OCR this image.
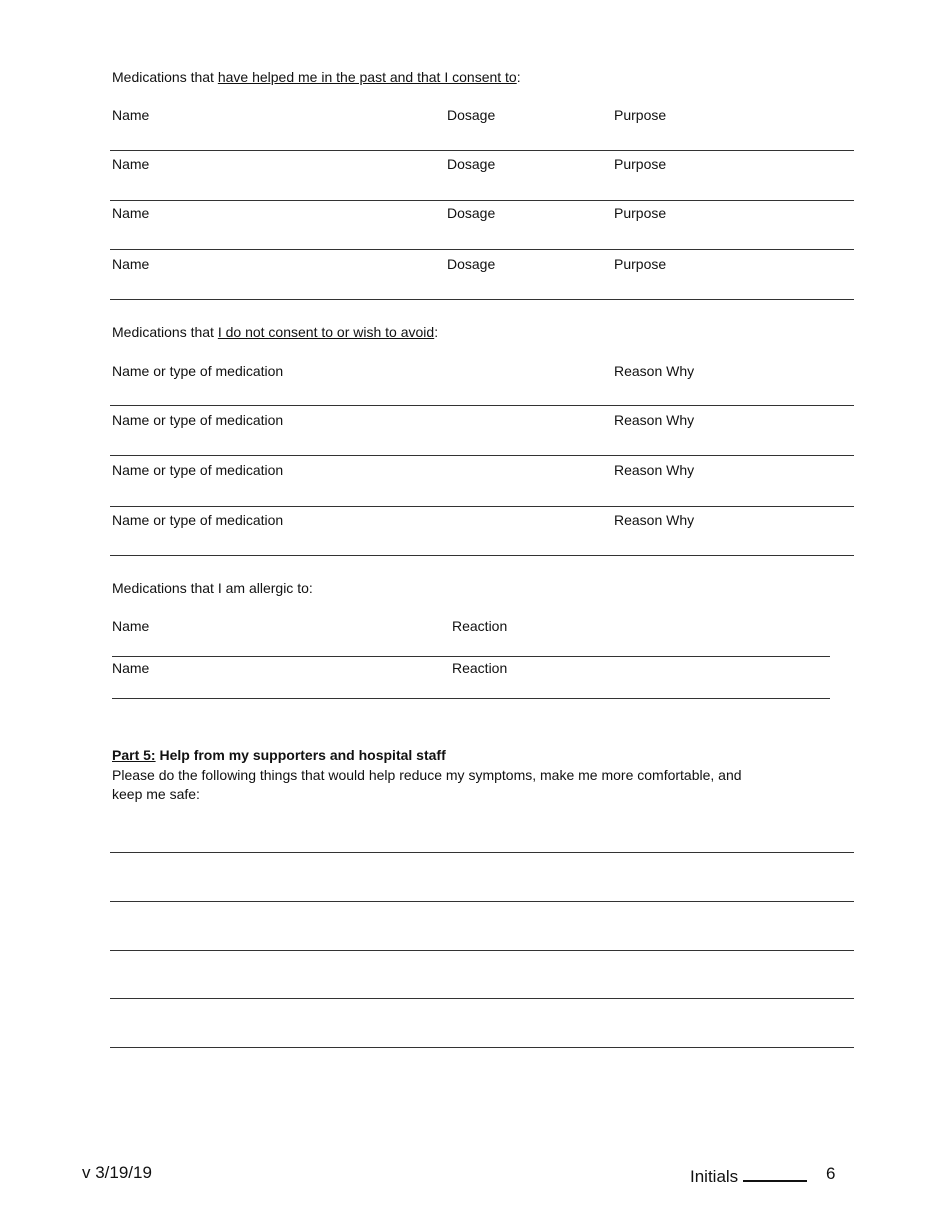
Medications that have helped me in the past and that I consent to:
Name	Dosage	Purpose
Name	Dosage	Purpose
Name	Dosage	Purpose
Name	Dosage	Purpose
Medications that I do not consent to or wish to avoid:
Name or type of medication	Reason Why
Name or type of medication	Reason Why
Name or type of medication	Reason Why
Name or type of medication	Reason Why
Medications that I am allergic to:
Name	Reaction
Name	Reaction
Part 5: Help from my supporters and hospital staff
Please do the following things that would help reduce my symptoms, make me more comfortable, and
keep me safe:
v 3/19/19	Initials	6
